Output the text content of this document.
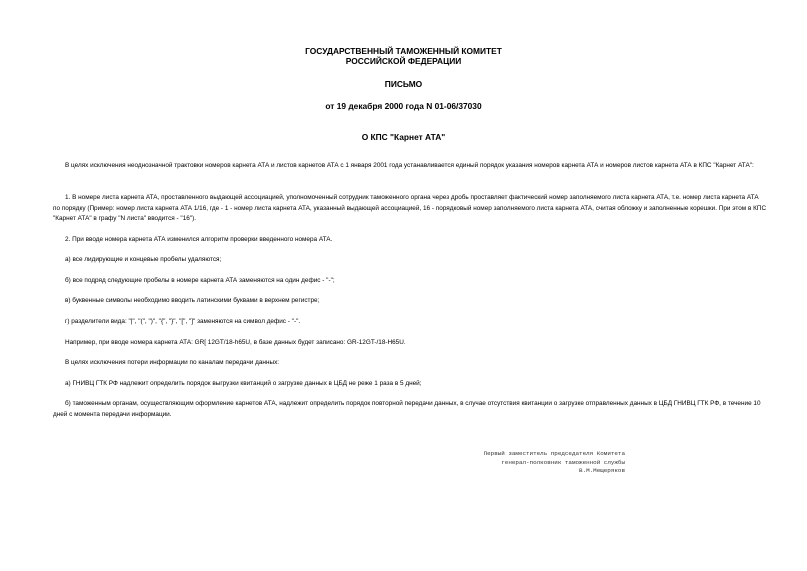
ГОСУДАРСТВЕННЫЙ ТАМОЖЕННЫЙ КОМИТЕТ
РОССИЙСКОЙ ФЕДЕРАЦИИ
ПИСЬМО
от 19 декабря 2000 года N 01-06/37030
О КПС "Карнет АТА"

В целях исключения неоднозначной трактовки номеров карнета АТА и листов карнетов АТА с 1 января 2001 года устанавливается единый порядок указания номеров карнета АТА и номеров листов карнета АТА в КПС "Карнет АТА":

1. В номере листа карнета АТА, проставленного выдающей ассоциацией, уполномоченный сотрудник таможенного органа через дробь проставляет фактический номер заполняемого листа карнета АТА, т.е. номер листа карнета АТА по порядку (Пример: номер листа карнета АТА 1/16, где - 1 - номер листа карнета АТА, указанный выдающей ассоциацией, 16 - порядковый номер заполняемого листа карнета АТА, считая обложку и заполненные корешки. При этом в КПС "Карнет АТА" в графу "N листа" вводится - "16").

2. При вводе номера карнета АТА изменился алгоритм проверки введенного номера АТА.

а) все лидирующие и концевые пробелы удаляются;

б) все подряд следующие пробелы в номере карнета АТА заменяются на один дефис - "-";

в) буквенные символы необходимо вводить латинскими буквами в верхнем регистре;

г) разделители вида: "|", "(", ")", "{", "}", "[", "]" заменяются на символ дефис - "-".

Например, при вводе номера карнета АТА: GR[ 12GT/18-h65U, в базе данных будет записано: GR-12GT-/18-H65U.

В целях исключения потери информации по каналам передачи данных:

а) ГНИВЦ ГТК РФ надлежит определить порядок выгрузки квитанций о загрузке данных в ЦБД не реже 1 раза в 5 дней;

б) таможенным органам, осуществляющим оформление карнетов АТА, надлежит определить порядок повторной передачи данных, в случае отсутствия квитанции о загрузке отправленных данных в ЦБД ГНИВЦ ГТК РФ, в течение 10 дней с момента передачи информации.

Первый заместитель председателя Комитета
генерал-полковник таможенной службы
В.М.Мещеряков
